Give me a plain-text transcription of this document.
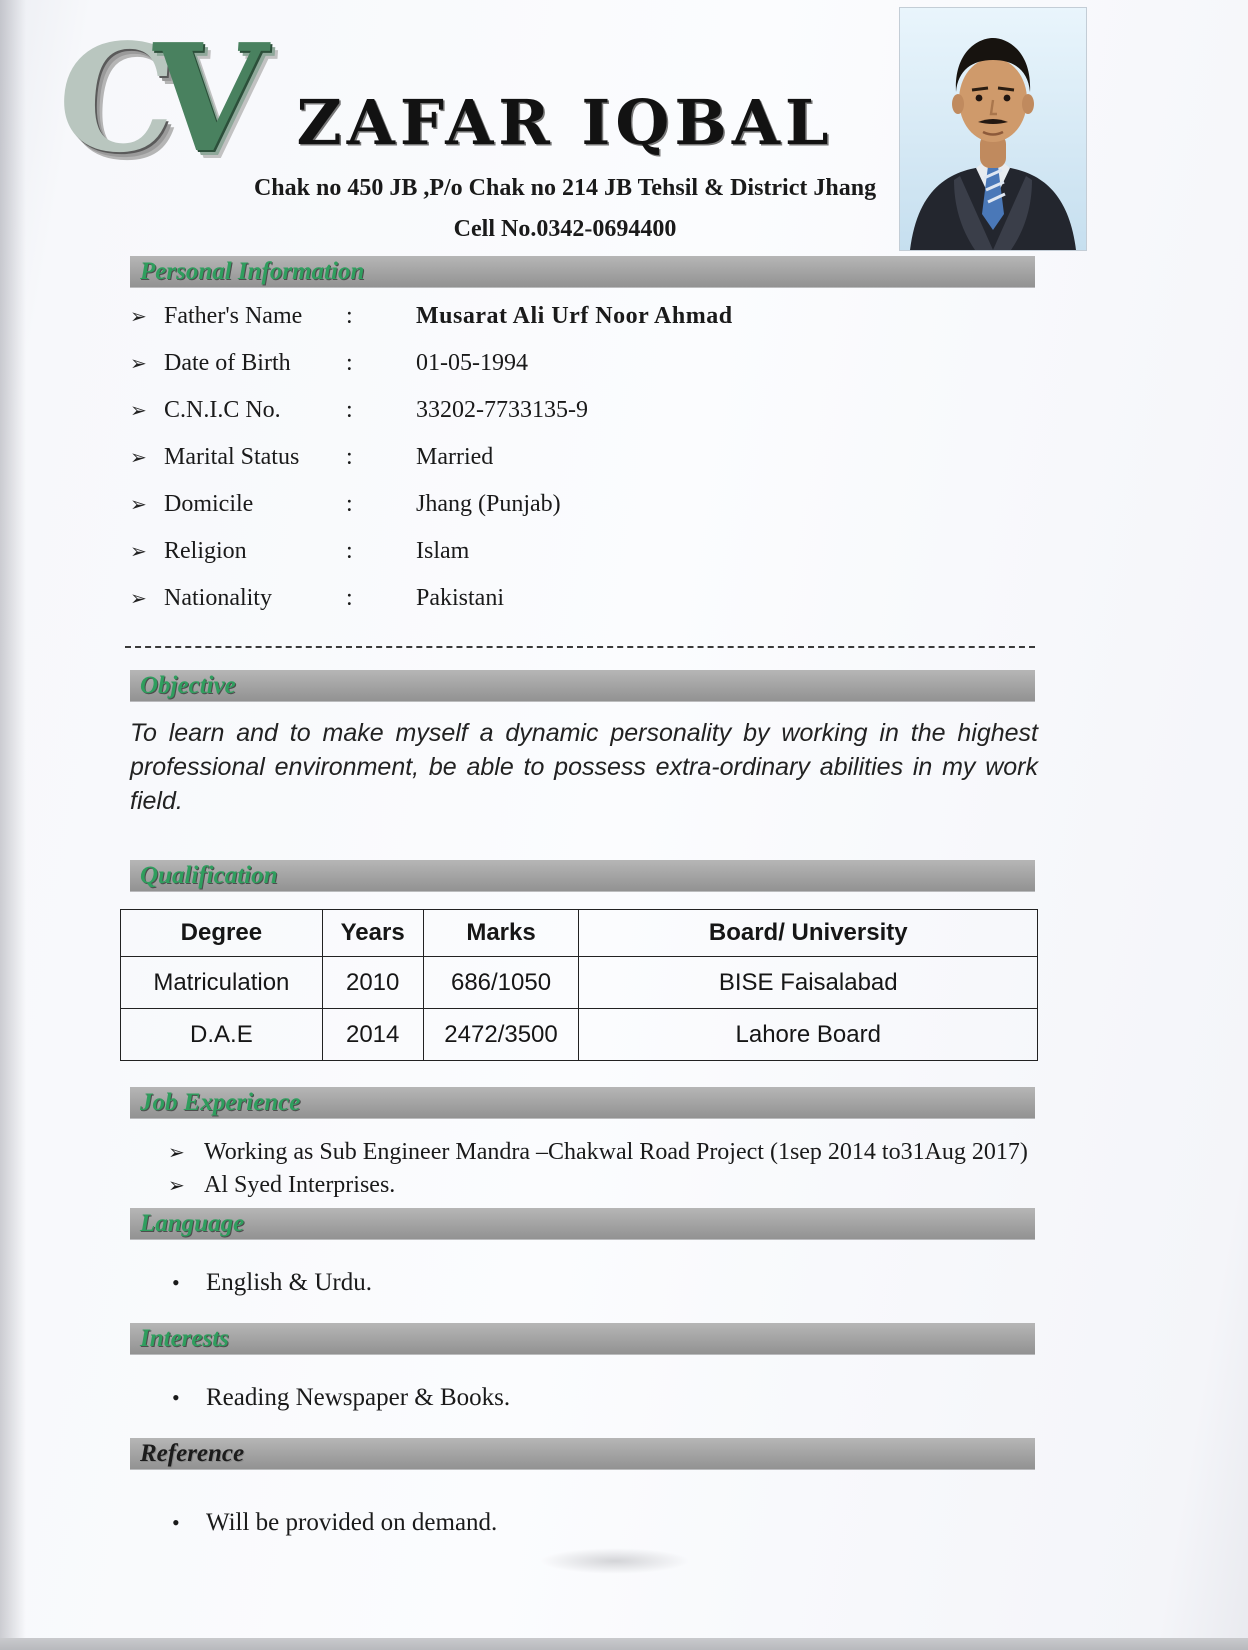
CV ZAFAR IQBAL
Chak no 450 JB ,P/o Chak no 214 JB Tehsil & District Jhang
Cell No.0342-0694400
Personal Information
➢ Father's Name	:	Musarat Ali Urf Noor Ahmad
➢ Date of Birth	:	01-05-1994
➢ C.N.I.C No.	:	33202-7733135-9
➢ Marital Status	:	Married
➢ Domicile	:	Jhang (Punjab)
➢ Religion	:	Islam
➢ Nationality	:	Pakistani
Objective

To learn and to make myself a dynamic personality by working in the highest professional environment, be able to possess extra-ordinary abilities in my work field.

Qualification
Degree	Years	Marks	Board/ University
Matriculation	2010	686/1050	BISE Faisalabad
D.A.E	2014	2472/3500	Lahore Board
Job Experience
➢ Working as Sub Engineer Mandra –Chakwal Road Project (1sep 2014 to31Aug 2017)
➢ Al Syed Interprises.
Language
•	English & Urdu.
Interests
•	Reading Newspaper & Books.
Reference
•	Will be provided on demand.
